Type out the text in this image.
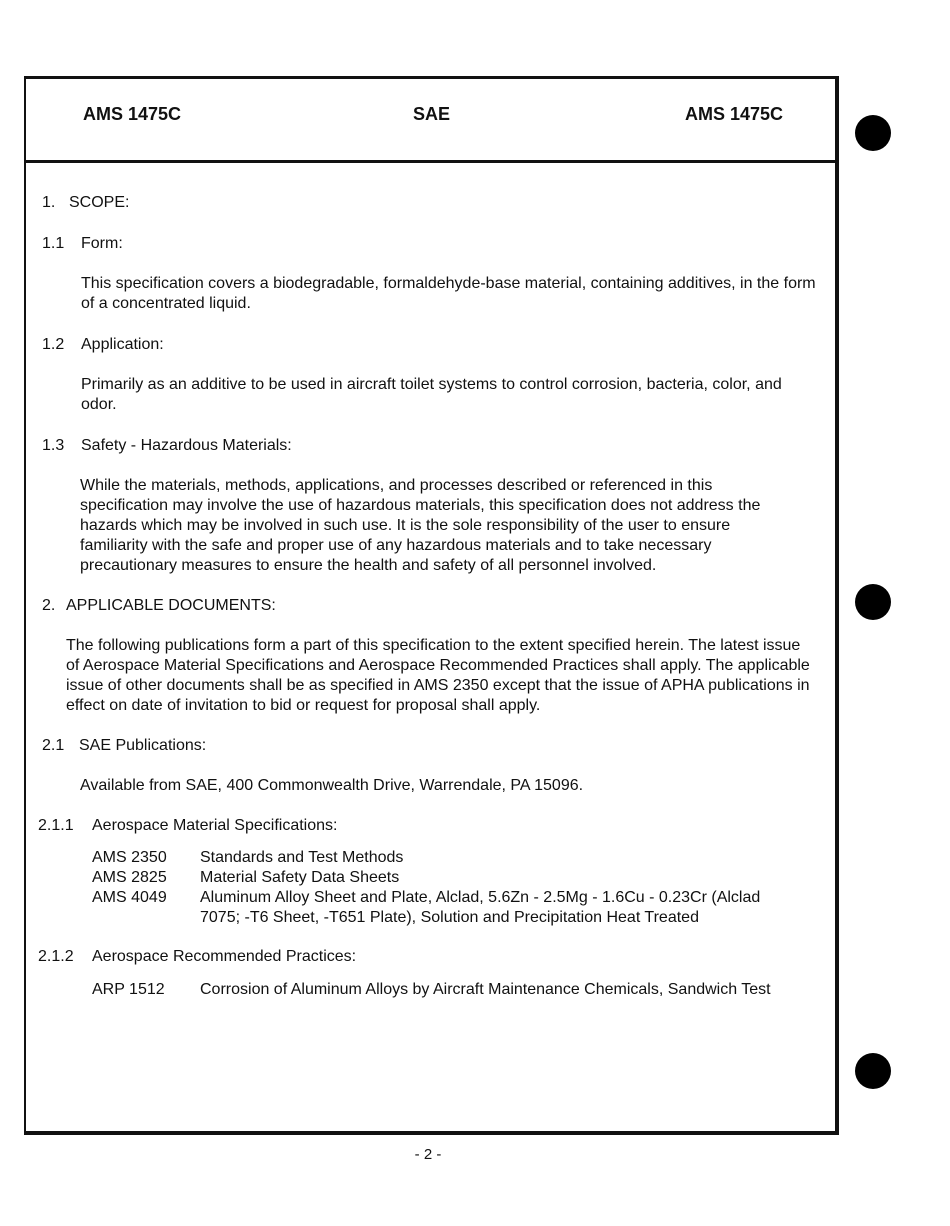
AMS 1475C	SAE	AMS 1475C
1. SCOPE:
1.1 Form:

This specification covers a biodegradable, formaldehyde-base material, containing additives, in the form of a concentrated liquid.

1.2 Application:

Primarily as an additive to be used in aircraft toilet systems to control corrosion, bacteria, color, and odor.

1.3 Safety - Hazardous Materials:

While the materials, methods, applications, and processes described or referenced in this specification may involve the use of hazardous materials, this specification does not address the hazards which may be involved in such use. It is the sole responsibility of the user to ensure familiarity with the safe and proper use of any hazardous materials and to take necessary precautionary measures to ensure the health and safety of all personnel involved.

2. APPLICABLE DOCUMENTS:

The following publications form a part of this specification to the extent specified herein. The latest issue of Aerospace Material Specifications and Aerospace Recommended Practices shall apply. The applicable issue of other documents shall be as specified in AMS 2350 except that the issue of APHA publications in effect on date of invitation to bid or request for proposal shall apply.

2.1 SAE Publications:

Available from SAE, 400 Commonwealth Drive, Warrendale, PA 15096.

2.1.1 Aerospace Material Specifications:
AMS 2350 Standards and Test Methods
AMS 2825 Material Safety Data Sheets
AMS 4049 Aluminum Alloy Sheet and Plate, Alclad, 5.6Zn - 2.5Mg - 1.6Cu - 0.23Cr (Alclad 7075; -T6 Sheet, -T651 Plate), Solution and Precipitation Heat Treated
2.1.2 Aerospace Recommended Practices:
ARP 1512 Corrosion of Aluminum Alloys by Aircraft Maintenance Chemicals, Sandwich Test
- 2 -
